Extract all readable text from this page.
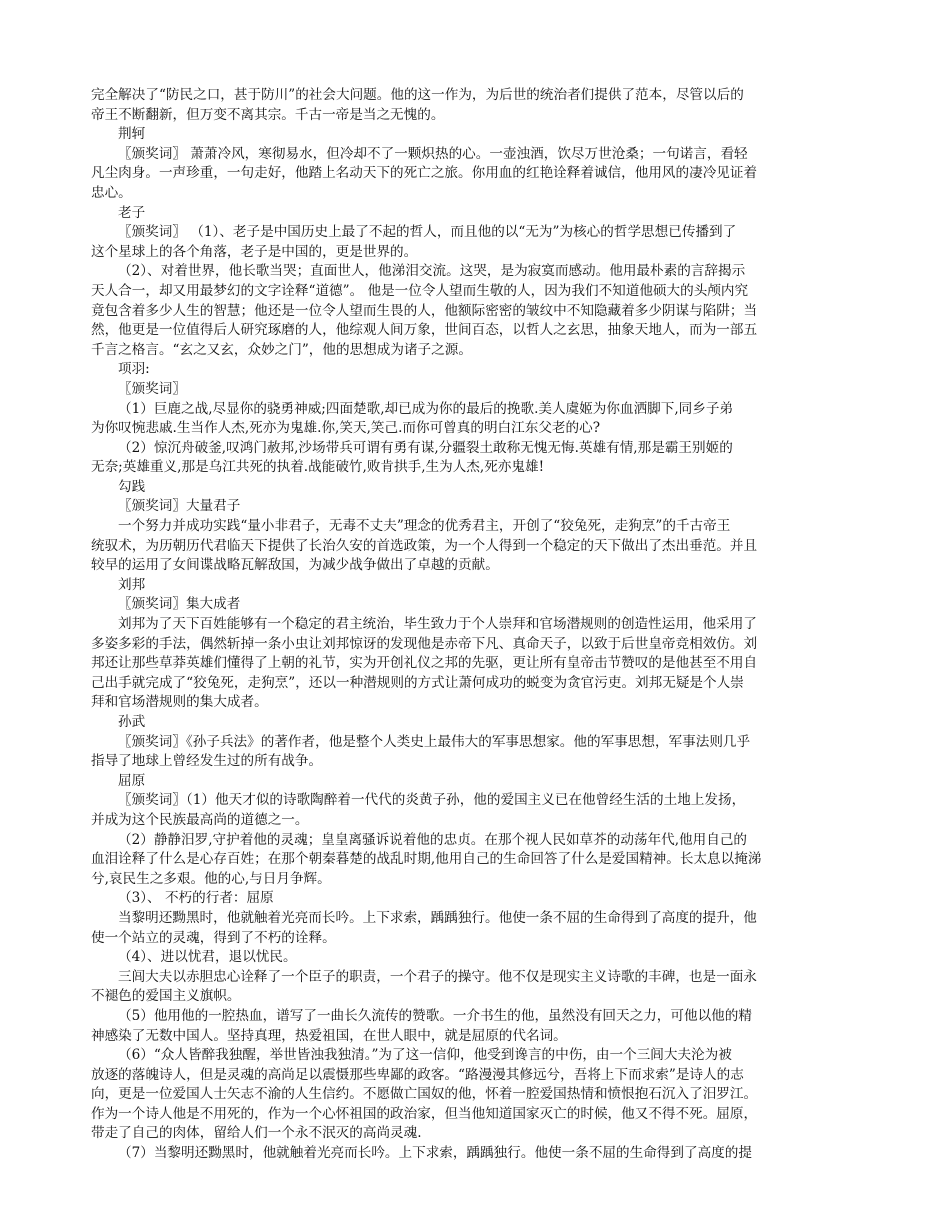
完全解决了“防民之口，甚于防川”的社会大问题。他的这一作为，为后世的统治者们提供了范本，尽管以后的
帝王不断翻新，但万变不离其宗。千古一帝是当之无愧的。
荆轲
〖颁奖词〗 萧萧冷风，寒彻易水，但冷却不了一颗炽热的心。一壶浊酒，饮尽万世沧桑；一句诺言，看轻
凡尘肉身。一声珍重，一句走好，他踏上名动天下的死亡之旅。你用血的红艳诠释着诚信，他用风的凄冷见证着
忠心。
老子
〖颁奖词〗 （1）、老子是中国历史上最了不起的哲人，而且他的以“无为”为核心的哲学思想已传播到了
这个星球上的各个角落，老子是中国的，更是世界的。
（2）、对着世界，他长歌当哭；直面世人，他涕泪交流。这哭，是为寂寞而感动。他用最朴素的言辞揭示
天人合一，却又用最梦幻的文字诠释“道德”。 他是一位令人望而生敬的人，因为我们不知道他硕大的头颅内究
竟包含着多少人生的智慧；他还是一位令人望而生畏的人，他额际密密的皱纹中不知隐藏着多少阴谋与陷阱；当
然，他更是一位值得后人研究琢磨的人，他综观人间万象，世间百态，以哲人之玄思，抽象天地人，而为一部五
千言之格言。“玄之又玄，众妙之门”，他的思想成为诸子之源。
项羽:
〖颁奖词〗
（1）巨鹿之战,尽显你的骁勇神威;四面楚歌,却已成为你的最后的挽歌.美人虞姬为你血洒脚下,同乡子弟
为你叹惋悲戚.生当作人杰,死亦为鬼雄.你,笑天,笑己.而你可曾真的明白江东父老的心?
（2）惊沉舟破釜,叹鸿门赦邦,沙场带兵可谓有勇有谋,分疆裂土敢称无愧无悔.英雄有情,那是霸王别姬的
无奈;英雄重义,那是乌江共死的执着.战能破竹,败肯拱手,生为人杰,死亦鬼雄!
勾践
〖颁奖词〗大量君子
一个努力并成功实践“量小非君子，无毒不丈夫”理念的优秀君主，开创了“狡兔死，走狗烹”的千古帝王
统驭术，为历朝历代君临天下提供了长治久安的首选政策，为一个人得到一个稳定的天下做出了杰出垂范。并且
较早的运用了女间谍战略瓦解敌国，为减少战争做出了卓越的贡献。
刘邦
〖颁奖词〗集大成者
刘邦为了天下百姓能够有一个稳定的君主统治，毕生致力于个人崇拜和官场潜规则的创造性运用，他采用了
多姿多彩的手法，偶然斩掉一条小虫让刘邦惊讶的发现他是赤帝下凡、真命天子，以致于后世皇帝竞相效仿。刘
邦还让那些草莽英雄们懂得了上朝的礼节，实为开创礼仪之邦的先驱，更让所有皇帝击节赞叹的是他甚至不用自
己出手就完成了“狡兔死，走狗烹”，还以一种潜规则的方式让萧何成功的蜕变为贪官污吏。刘邦无疑是个人崇
拜和官场潜规则的集大成者。
孙武
〖颁奖词〗《孙子兵法》的著作者，他是整个人类史上最伟大的军事思想家。他的军事思想，军事法则几乎
指导了地球上曾经发生过的所有战争。
屈原
〖颁奖词〗（1）他天才似的诗歌陶醉着一代代的炎黄子孙，他的爱国主义已在他曾经生活的土地上发扬，
并成为这个民族最高尚的道德之一。
（2）静静汨罗,守护着他的灵魂；皇皇离骚诉说着他的忠贞。在那个视人民如草芥的动荡年代,他用自己的
血泪诠释了什么是心存百姓；在那个朝秦暮楚的战乱时期,他用自己的生命回答了什么是爱国精神。长太息以掩涕
兮,哀民生之多艰。他的心,与日月争辉。
（3）、 不朽的行者：屈原
当黎明还黝黑时，他就触着光亮而长吟。上下求索，踽踽独行。他使一条不屈的生命得到了高度的提升，他
使一个站立的灵魂，得到了不朽的诠释。
（4）、进以忧君，退以忧民。
三闾大夫以赤胆忠心诠释了一个臣子的职责，一个君子的操守。他不仅是现实主义诗歌的丰碑，也是一面永
不褪色的爱国主义旗帜。
（5）他用他的一腔热血，谱写了一曲长久流传的赞歌。一介书生的他，虽然没有回天之力，可他以他的精
神感染了无数中国人。坚持真理，热爱祖国，在世人眼中，就是屈原的代名词。
（6）“众人皆醉我独醒，举世皆浊我独清。”为了这一信仰，他受到谗言的中伤，由一个三闾大夫沦为被
放逐的落魄诗人，但是灵魂的高尚足以震慑那些卑鄙的政客。“路漫漫其修远兮，吾将上下而求索”是诗人的志
向，更是一位爱国人士矢志不渝的人生信约。不愿做亡国奴的他，怀着一腔爱国热情和愤恨抱石沉入了汨罗江。
作为一个诗人他是不用死的，作为一个心怀祖国的政治家，但当他知道国家灭亡的时候，他又不得不死。屈原，
带走了自己的肉体，留给人们一个永不泯灭的高尚灵魂.
（7）当黎明还黝黑时，他就触着光亮而长吟。上下求索，踽踽独行。他使一条不屈的生命得到了高度的提
